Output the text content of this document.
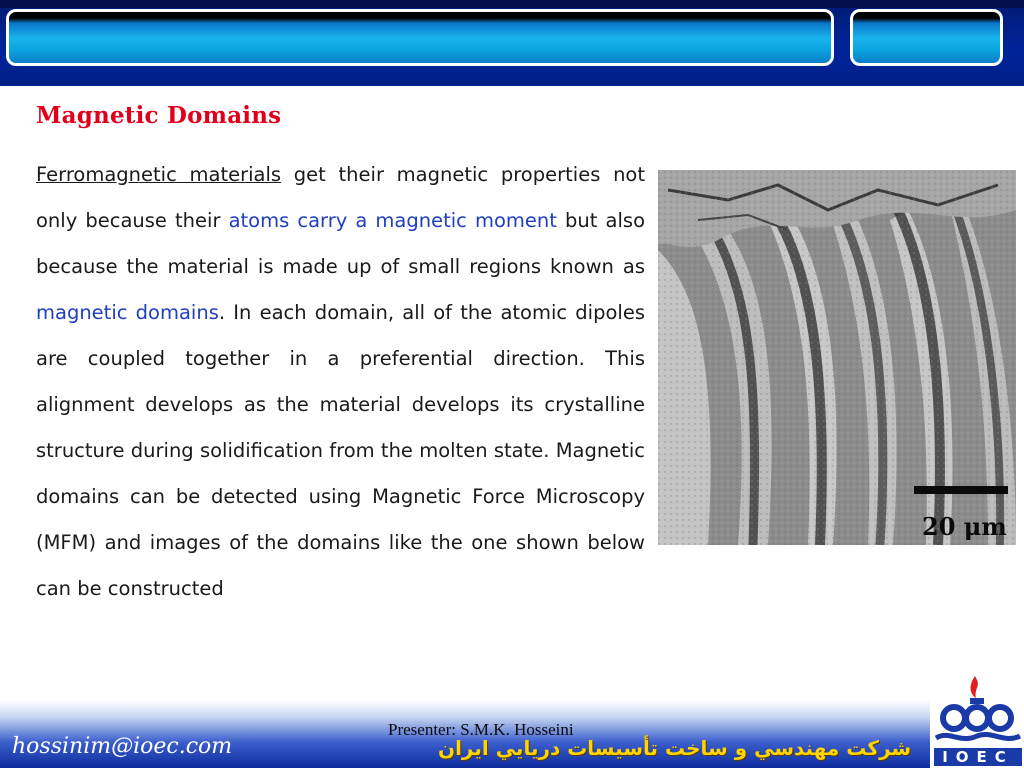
Magnetic Domains

Ferromagnetic materials get their magnetic properties not only because their atoms carry a magnetic moment but also because the material is made up of small regions known as magnetic domains. In each domain, all of the atomic dipoles are coupled together in a preferential direction. This alignment develops as the material develops its crystalline structure during solidification from the molten state. Magnetic domains can be detected using Magnetic Force Microscopy (MFM) and images of the domains like the one shown below can be constructed

20 μm

hossinim@ioec.com

Presenter: S.M.K. Hosseini

شرکت مهندسي و ساخت تأسيسات دريايي ايران	IOEC
